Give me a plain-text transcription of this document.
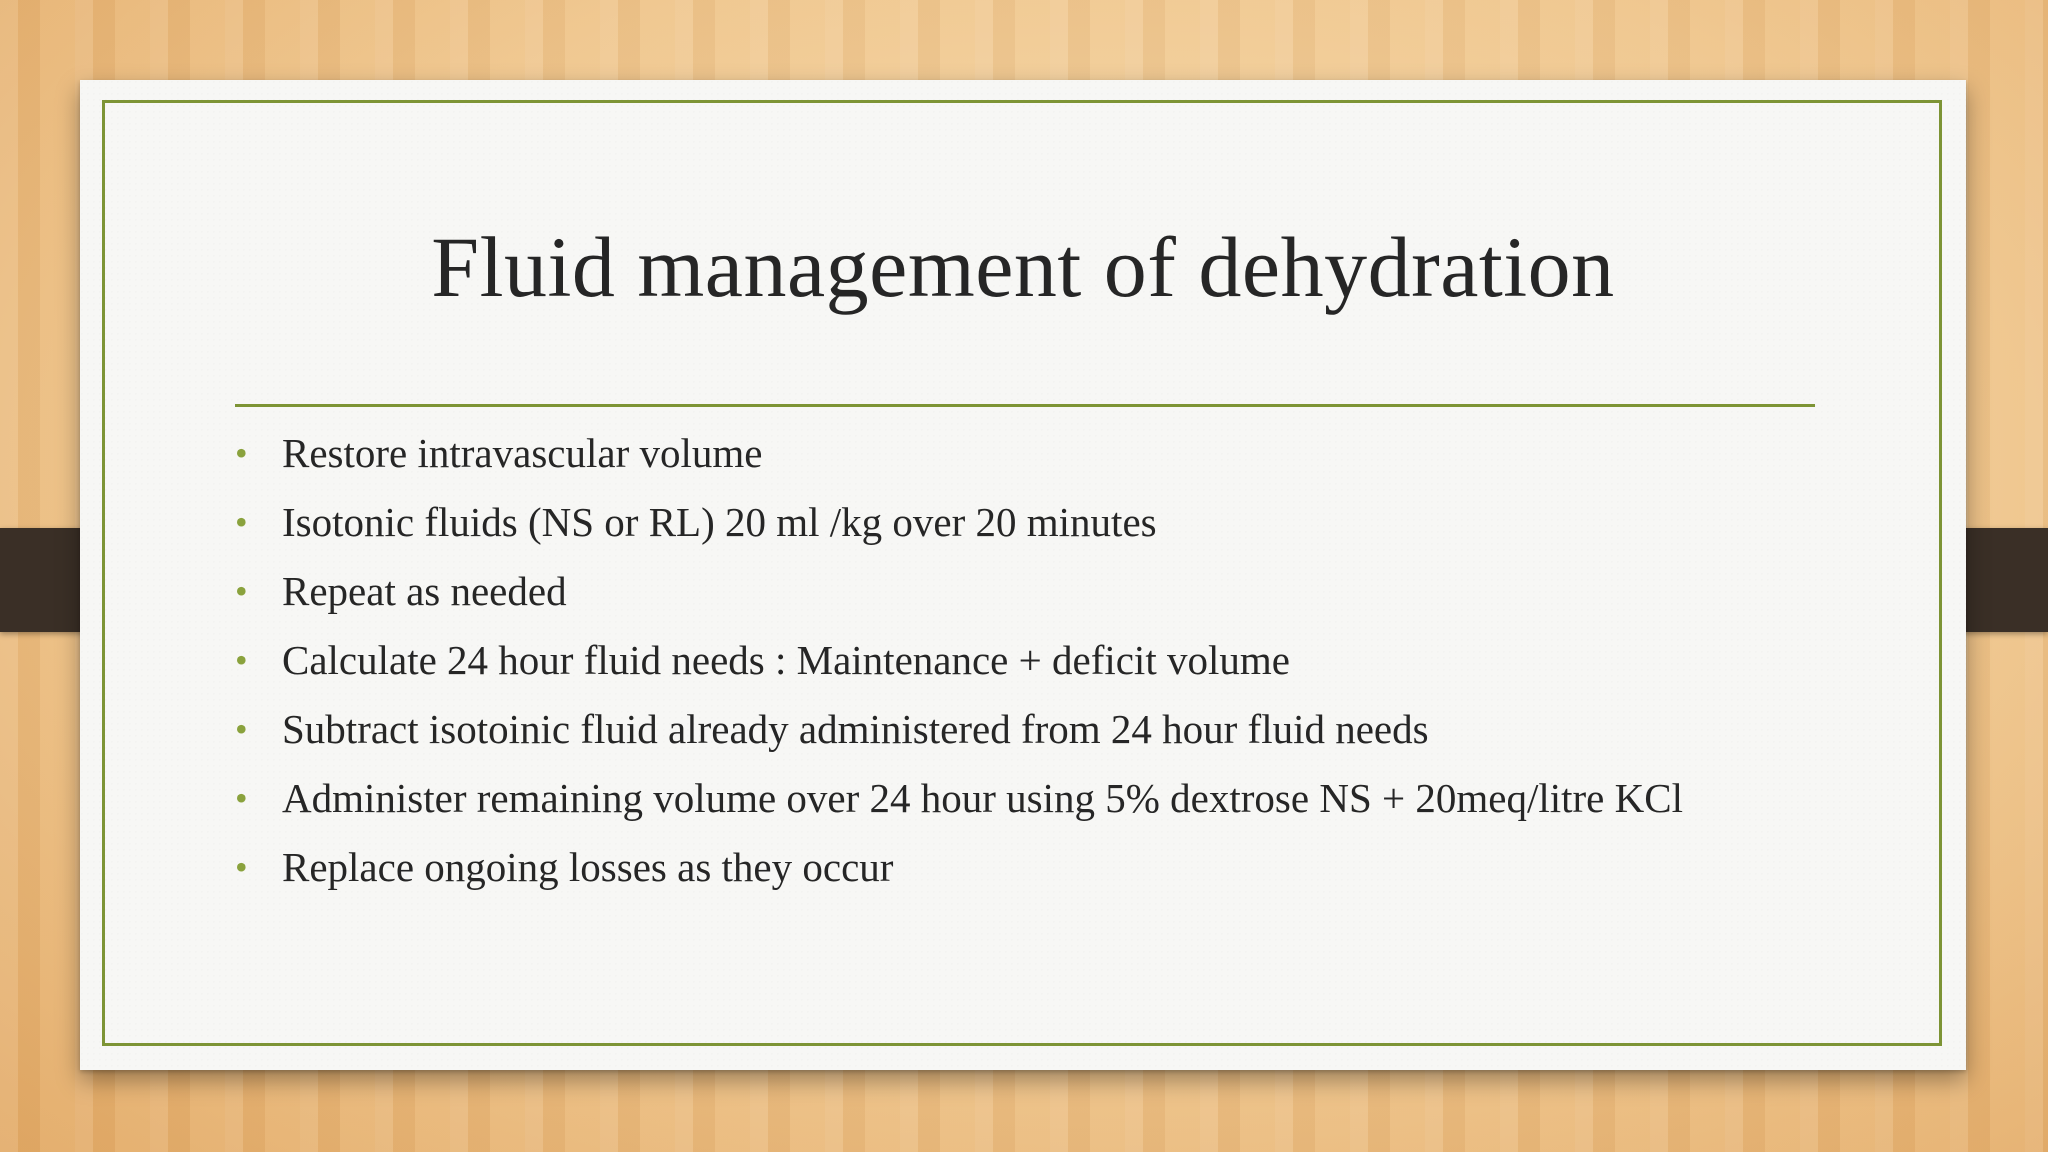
Fluid management of dehydration
• Restore intravascular volume
• Isotonic fluids (NS or RL) 20 ml /kg over 20 minutes
• Repeat as needed
• Calculate 24 hour fluid needs : Maintenance + deficit volume
• Subtract isotoinic fluid already administered from 24 hour fluid needs
• Administer remaining volume over 24 hour using 5% dextrose NS + 20meq/litre KCl
• Replace ongoing losses as they occur
